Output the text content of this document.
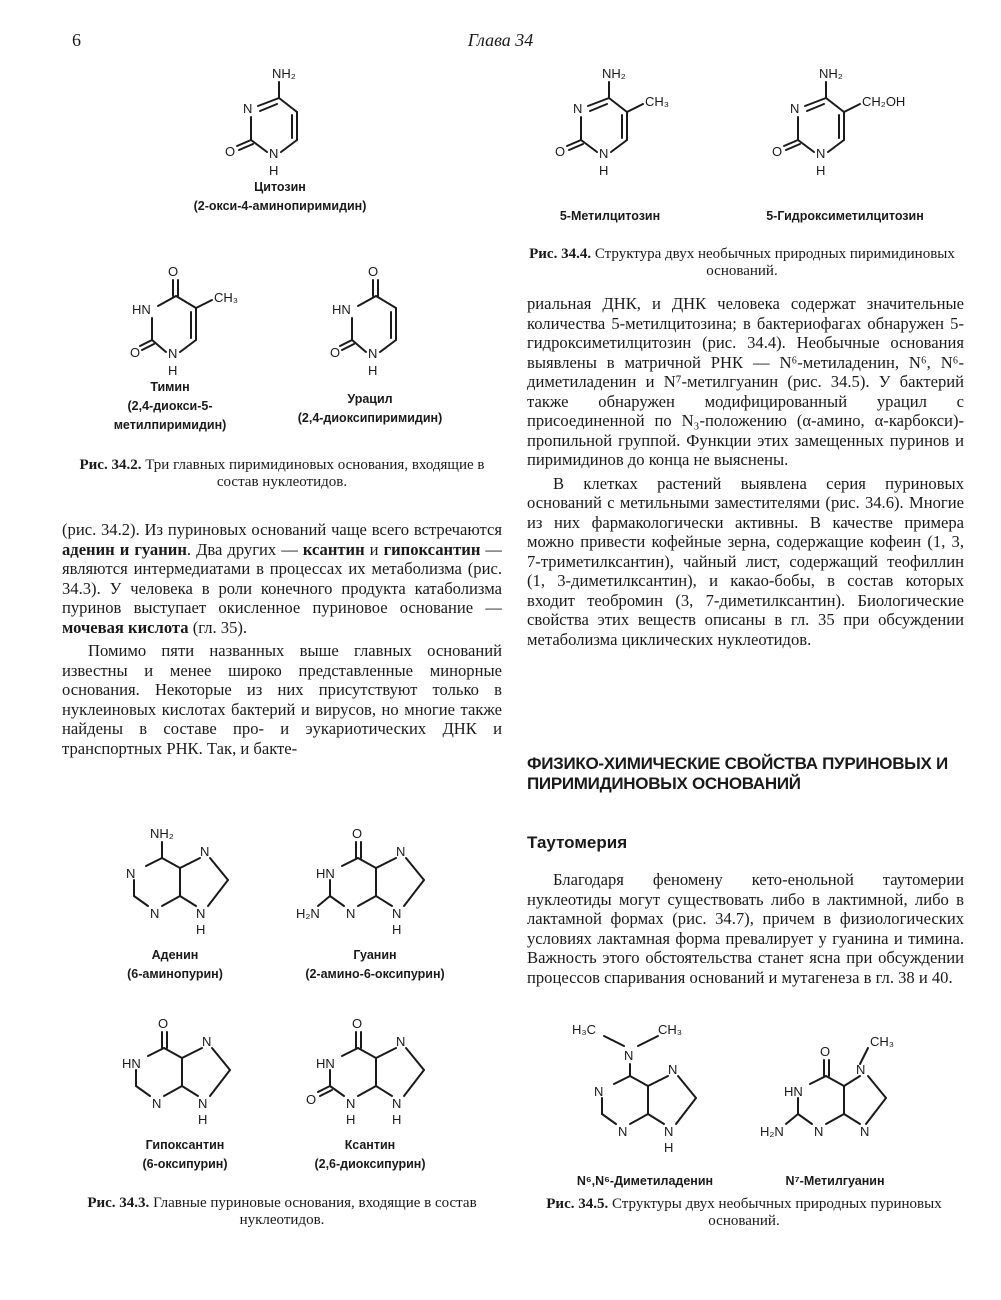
6	Глава 34
NH₂
N
O	N
H
Цитозин
(2-окси-4-аминопиримидин)
O
CH₃
HN
O N
H
Тимин
(2,4-диокси-5-
метилпиримидин)
O
HN
O N
H
Урацил
(2,4-диоксипиримидин)
Рис. 34.2. Три главных пиримидиновых основания, входящие в состав нуклеотидов.
NH₂
CH₃
N
O	N
H
5-Метилцитозин
NH₂
CH₂OH
N
O	N
H
5-Гидроксиметилцитозин
Рис. 34.4. Структура двух необычных природных пиримидиновых оснований.

(рис. 34.2). Из пуриновых оснований чаще всего встречаются аденин и гуанин. Два других — ксантин и гипоксантин — являются интермедиатами в процессах их метаболизма (рис. 34.3). У человека в роли конечного продукта катаболизма пуринов выступает окисленное пуриновое основание — мочевая кислота (гл. 35).

Помимо пяти названных выше главных оснований известны и менее широко представленные минорные основания. Некоторые из них присутствуют только в нуклеиновых кислотах бактерий и вирусов, но многие также найдены в составе про- и эукариотических ДНК и транспортных РНК. Так, и бакте-

NH₂
N
N
N
N
H
Аденин
(6-аминопурин)
O
HN
H₂N N
N
N
H
Гуанин
(2-амино-6-оксипурин)
O
HN
N
N
N
H
Гипоксантин
(6-оксипурин)
O
HN
O N
H
N
N
H
Ксантин
(2,6-диоксипурин)
Рис. 34.3. Главные пуриновые основания, входящие в состав нуклеотидов.

риальная ДНК, и ДНК человека содержат значительные количества 5-метилцитозина; в бактериофагах обнаружен 5-гидроксиметилцитозин (рис. 34.4). Необычные основания выявлены в матричной РНК — N⁶-метиладенин, N⁶, N⁶-диметиладенин и N⁷-метилгуанин (рис. 34.5). У бактерий также обнаружен модифицированный урацил с присоединенной по N₃-положению (α-амино, α-карбокси)-пропильной группой. Функции этих замещенных пуринов и пиримидинов до конца не выяснены.

В клетках растений выявлена серия пуриновых оснований с метильными заместителями (рис. 34.6). Многие из них фармакологически активны. В качестве примера можно привести кофейные зерна, содержащие кофеин (1, 3, 7-триметилксантин), чайный лист, содержащий теофиллин (1, 3-диметилксантин), и какао-бобы, в состав которых входит теобромин (3, 7-диметилксантин). Биологические свойства этих веществ описаны в гл. 35 при обсуждении метаболизма циклических нуклеотидов.

ФИЗИКО-ХИМИЧЕСКИЕ СВОЙСТВА ПУРИНОВЫХ И ПИРИМИДИНОВЫХ ОСНОВАНИЙ
Таутомерия

Благодаря феномену кето-енольной таутомерии нуклеотиды могут существовать либо в лактимной, либо в лактамной формах (рис. 34.7), причем в физиологических условиях лактамная форма превалирует у гуанина и тимина. Важность этого обстоятельства станет ясна при обсуждении процессов спаривания оснований и мутагенеза в гл. 38 и 40.

H₃C	CH₃
N
N
N
N
N
H
CH₃
O
HN
H₂N N
N
N
N⁶,N⁶-Диметиладенин	N⁷-Метилгуанин
Рис. 34.5. Структуры двух необычных природных пуриновых оснований.
